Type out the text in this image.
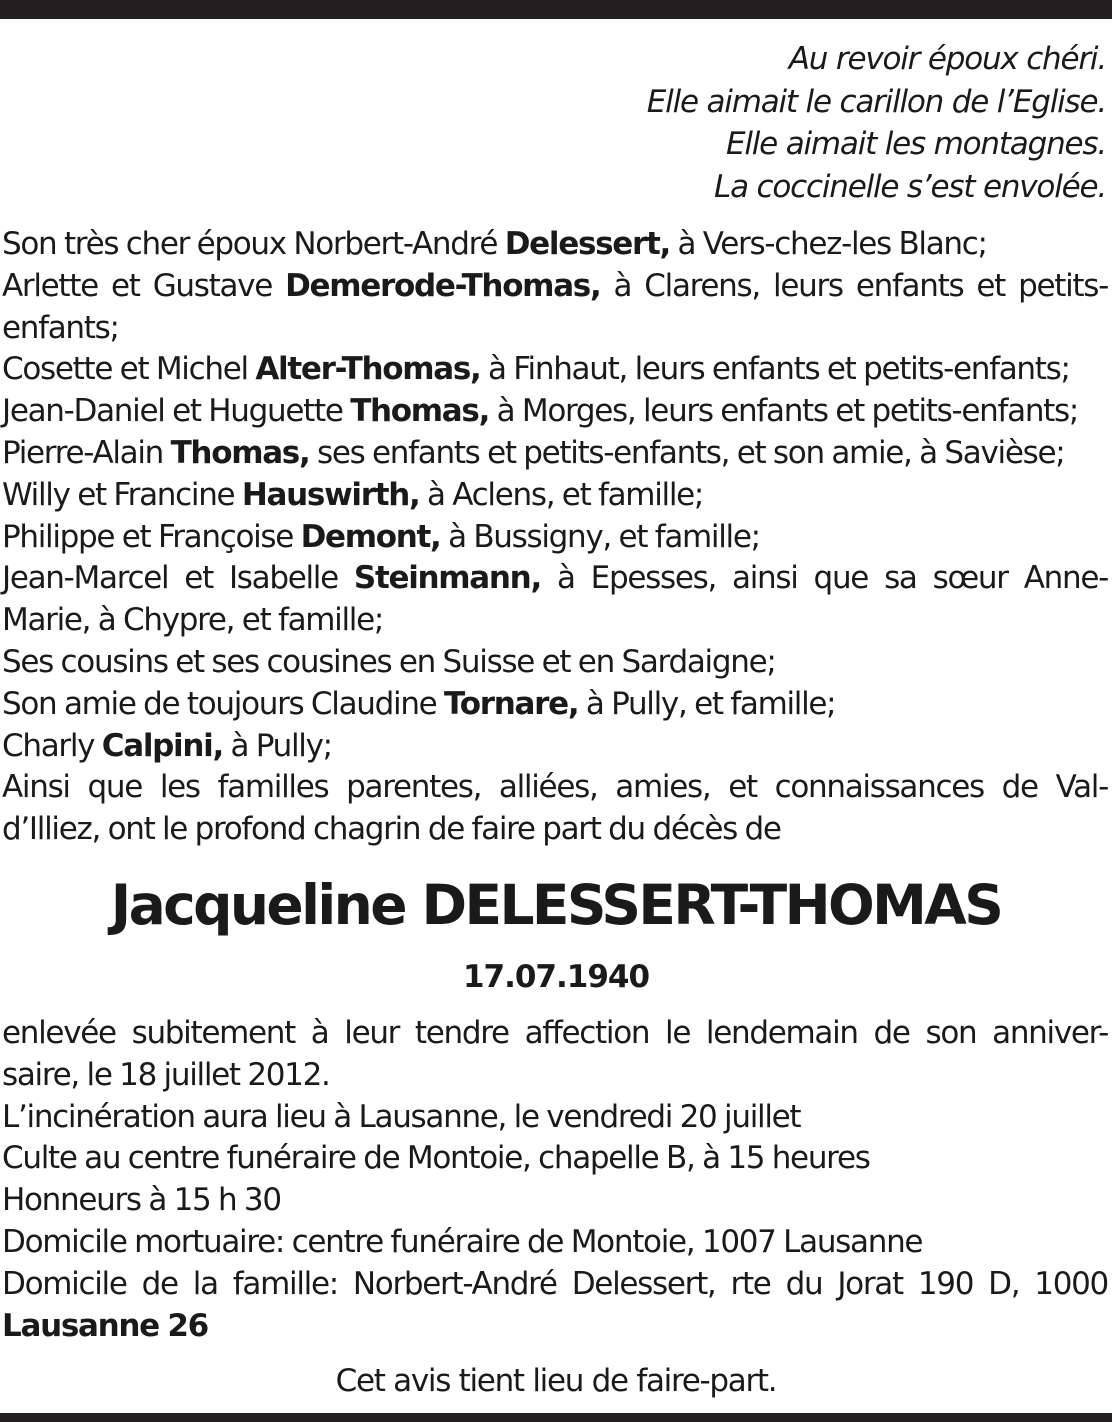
Au revoir époux chéri.
Elle aimait le carillon de l’Eglise.
Elle aimait les montagnes.
La coccinelle s’est envolée.
Son très cher époux Norbert-André Delessert, à Vers-chez-les Blanc;
Arlette et Gustave Demerode-Thomas, à Clarens, leurs enfants et petits-
enfants;
Cosette et Michel Alter-Thomas, à Finhaut, leurs enfants et petits-enfants;
Jean-Daniel et Huguette Thomas, à Morges, leurs enfants et petits-enfants;
Pierre-Alain Thomas, ses enfants et petits-enfants, et son amie, à Savièse;
Willy et Francine Hauswirth, à Aclens, et famille;
Philippe et Françoise Demont, à Bussigny, et famille;
Jean-Marcel et Isabelle Steinmann, à Epesses, ainsi que sa sœur Anne-
Marie, à Chypre, et famille;
Ses cousins et ses cousines en Suisse et en Sardaigne;
Son amie de toujours Claudine Tornare, à Pully, et famille;
Charly Calpini, à Pully;
Ainsi que les familles parentes, alliées, amies, et connaissances de Val-
d’Illiez, ont le profond chagrin de faire part du décès de
Jacqueline DELESSERT-THOMAS
17.07.1940
enlevée subitement à leur tendre affection le lendemain de son anniver-
saire, le 18 juillet 2012.
L’incinération aura lieu à Lausanne, le vendredi 20 juillet
Culte au centre funéraire de Montoie, chapelle B, à 15 heures
Honneurs à 15 h 30
Domicile mortuaire: centre funéraire de Montoie, 1007 Lausanne
Domicile de la famille: Norbert-André Delessert, rte du Jorat 190 D, 1000
Lausanne 26
Cet avis tient lieu de faire-part.
